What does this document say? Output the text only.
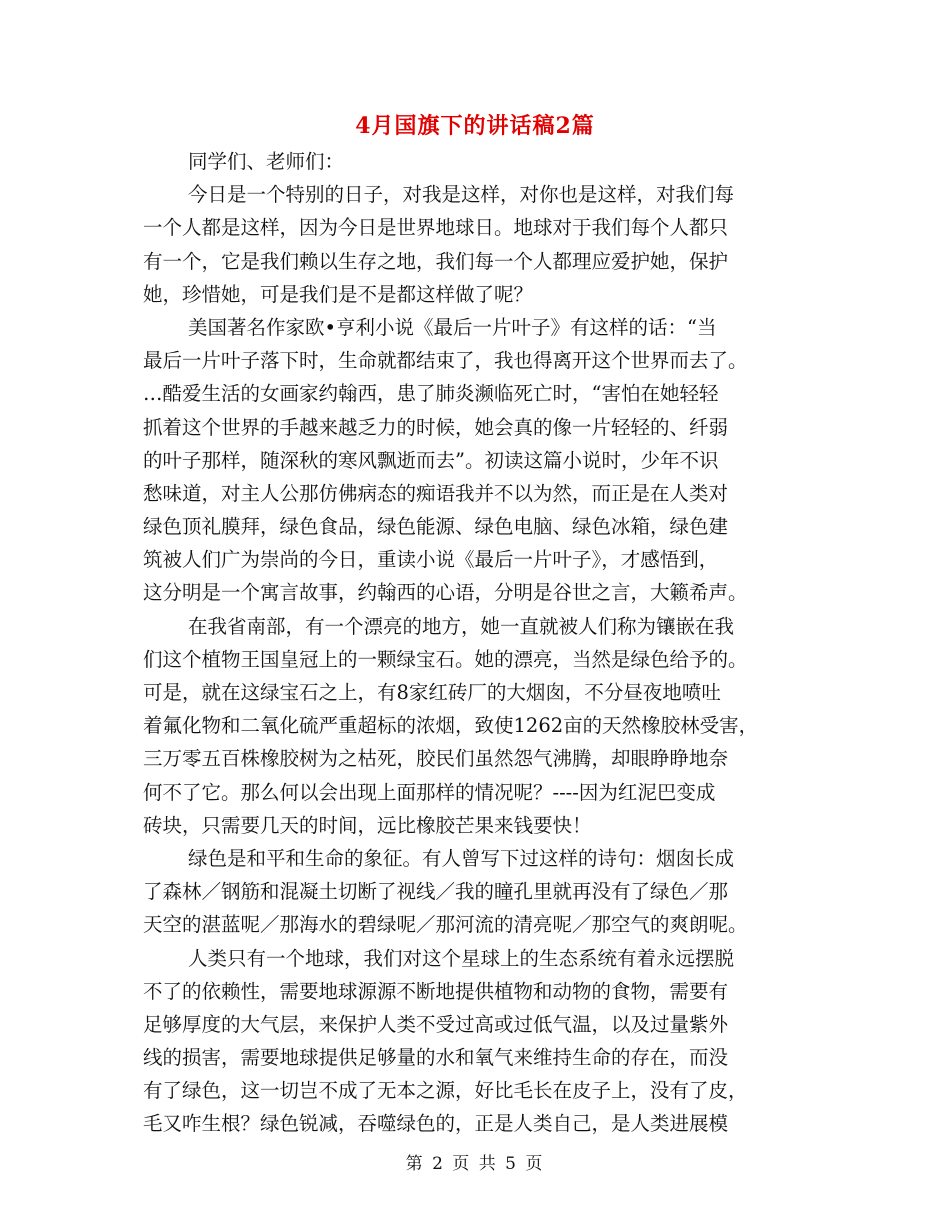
4月国旗下的讲话稿2篇
同学们、老师们：
今日是一个特别的日子，对我是这样，对你也是这样，对我们每
一个人都是这样，因为今日是世界地球日。地球对于我们每个人都只
有一个，它是我们赖以生存之地，我们每一个人都理应爱护她，保护
她，珍惜她，可是我们是不是都这样做了呢？
美国著名作家欧•亨利小说《最后一片叶子》有这样的话：“当
最后一片叶子落下时，生命就都结束了，我也得离开这个世界而去了。
…酷爱生活的女画家约翰西，患了肺炎濒临死亡时，“害怕在她轻轻
抓着这个世界的手越来越乏力的时候，她会真的像一片轻轻的、纤弱
的叶子那样，随深秋的寒风飘逝而去”。初读这篇小说时，少年不识
愁味道，对主人公那仿佛病态的痴语我并不以为然，而正是在人类对
绿色顶礼膜拜，绿色食品，绿色能源、绿色电脑、绿色冰箱，绿色建
筑被人们广为崇尚的今日，重读小说《最后一片叶子》，才感悟到，
这分明是一个寓言故事，约翰西的心语，分明是谷世之言，大籁希声。
在我省南部，有一个漂亮的地方，她一直就被人们称为镶嵌在我
们这个植物王国皇冠上的一颗绿宝石。她的漂亮，当然是绿色给予的。
可是，就在这绿宝石之上，有8家红砖厂的大烟囱，不分昼夜地喷吐
着氟化物和二氧化硫严重超标的浓烟，致使1262亩的天然橡胶林受害，
三万零五百株橡胶树为之枯死，胶民们虽然怨气沸腾，却眼睁睁地奈
何不了它。那么何以会出现上面那样的情况呢？----因为红泥巴变成
砖块，只需要几天的时间，远比橡胶芒果来钱要快！
绿色是和平和生命的象征。有人曾写下过这样的诗句：烟囱长成
了森林／钢筋和混凝土切断了视线／我的瞳孔里就再没有了绿色／那
天空的湛蓝呢／那海水的碧绿呢／那河流的清亮呢／那空气的爽朗呢。
人类只有一个地球，我们对这个星球上的生态系统有着永远摆脱
不了的依赖性，需要地球源源不断地提供植物和动物的食物，需要有
足够厚度的大气层，来保护人类不受过高或过低气温，以及过量紫外
线的损害，需要地球提供足够量的水和氧气来维持生命的存在，而没
有了绿色，这一切岂不成了无本之源，好比毛长在皮子上，没有了皮，
毛又咋生根？绿色锐减，吞噬绿色的，正是人类自己，是人类进展模
第 2 页 共 5 页
